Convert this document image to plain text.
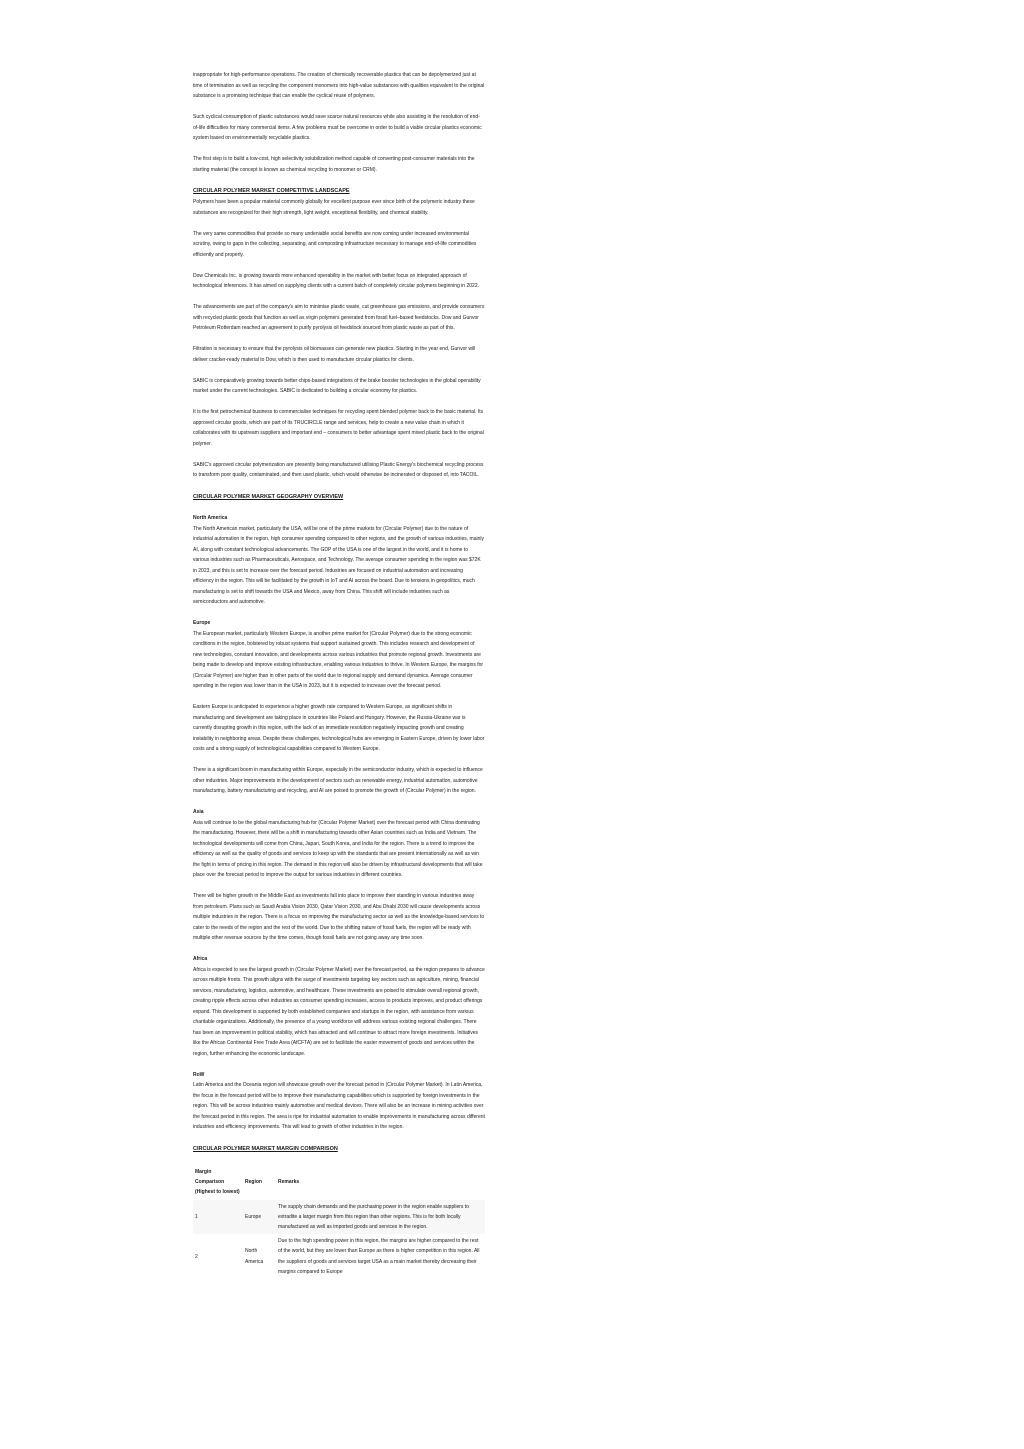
inappropriate for high-performance operations. The creation of chemically recoverable plastics that can be depolymerized just at time of termination as well as recycling the component monomers into high-value substances with qualities equivalent to the original substance is a promising technique that can enable the cyclical reuse of polymers.

Such cyclical consumption of plastic substances would save scarce natural resources while also assisting in the resolution of end-of-life difficulties for many commercial items. A few problems must be overcome in order to build a viable circular plastics economic system based on environmentally recyclable plastics.

The first step is to build a low-cost, high selectivity solubilization method capable of converting post-consumer materials into the starting material (the concept is known as chemical recycling to monomer or CRM).

CIRCULAR POLYMER MARKET COMPETITIVE LANDSCAPE

Polymers have been a popular material commonly globally for excellent purpose ever since birth of the polymeric industry these substances are recognized for their high strength, light weight, exceptional flexibility, and chemical stability.

The very same commodities that provide so many undeniable social benefits are now coming under increased environmental scrutiny, owing to gaps in the collecting, separating, and composting infrastructure necessary to manage end-of-life commodities efficiently and properly.

Dow Chemicals Inc. is growing towards more enhanced operability in the market with better focus on integrated approach of technological inferences. It has aimed on supplying clients with a current batch of completely circular polymers beginning in 2022.

The advancements are part of the company's aim to minimise plastic waste, cut greenhouse gas emissions, and provide consumers with recycled plastic goods that function as well as virgin polymers generated from fossil fuel–based feedstocks. Dow and Gunvor Petroleum Rotterdam reached an agreement to purify pyrolysis oil feedstock sourced from plastic waste as part of this.

Filtration is necessary to ensure that the pyrolysis oil biomasses can generate new plastics. Starting in the year end, Gunvor will deliver cracker-ready material to Dow, which is then used to manufacture circular plastics for clients.

SABIC is comparatively growing towards better chips-based integrations of the brake booster technologies in the global operability market under the current technologies. SABIC is dedicated to building a circular economy for plastics.

It is the first petrochemical business to commercialise techniques for recycling spent blended polymer back to the basic material. Its approved circular goods, which are part of its TRUCIRCLE range and services, help to create a new value chain in which it collaborates with its upstream suppliers and important end – consumers to better advantage spent mixed plastic back to the original polymer.

SABIC's approved circular polymerization are presently being manufactured utilising Plastic Energy's biochemical recycling process to transform poor quality, contaminated, and then used plastic, which would otherwise be incinerated or disposed of, into TACOIL.

CIRCULAR POLYMER MARKET GEOGRAPHY OVERVIEW
North America

The North American market, particularly the USA, will be one of the prime markets for (Circular Polymer) due to the nature of industrial automation in the region, high consumer spending compared to other regions, and the growth of various industries, mainly AI, along with constant technological advancements. The GDP of the USA is one of the largest in the world, and it is home to various industries such as Pharmaceuticals, Aerospace, and Technology. The average consumer spending in the region was $72K in 2023, and this is set to increase over the forecast period. Industries are focused on industrial automation and increasing efficiency in the region. This will be facilitated by the growth in IoT and AI across the board. Due to tensions in geopolitics, much manufacturing is set to shift towards the USA and Mexico, away from China. This shift will include industries such as semiconductors and automotive.

Europe

The European market, particularly Western Europe, is another prime market for (Circular Polymer) due to the strong economic conditions in the region, bolstered by robust systems that support sustained growth. This includes research and development of new technologies, constant innovation, and developments across various industries that promote regional growth. Investments are being made to develop and improve existing infrastructure, enabling various industries to thrive. In Western Europe, the margins for (Circular Polymer) are higher than in other parts of the world due to regional supply and demand dynamics. Average consumer spending in the region was lower than in the USA in 2023, but it is expected to increase over the forecast period.

Eastern Europe is anticipated to experience a higher growth rate compared to Western Europe, as significant shifts in manufacturing and development are taking place in countries like Poland and Hungary. However, the Russia-Ukraine war is currently disrupting growth in this region, with the lack of an immediate resolution negatively impacting growth and creating instability in neighboring areas. Despite these challenges, technological hubs are emerging in Eastern Europe, driven by lower labor costs and a strong supply of technological capabilities compared to Western Europe.

There is a significant boom in manufacturing within Europe, especially in the semiconductor industry, which is expected to influence other industries. Major improvements in the development of sectors such as renewable energy, industrial automation, automotive manufacturing, battery manufacturing and recycling, and AI are poised to promote the growth of (Circular Polymer) in the region.

Asia

Asia will continue to be the global manufacturing hub for (Circular Polymer Market) over the forecast period with China dominating the manufacturing. However, there will be a shift in manufacturing towards other Asian countries such as India and Vietnam. The technological developments will come from China, Japan, South Korea, and India for the region. There is a trend to improve the efficiency as well as the quality of goods and services to keep up with the standards that are present internationally as well as win the fight in terms of pricing in this region. The demand in this region will also be driven by infrastructural developments that will take place over the forecast period to improve the output for various industries in different countries.

There will be higher growth in the Middle East as investments fall into place to improve their standing in various industries away from petroleum. Plans such as Saudi Arabia Vision 2030, Qatar Vision 2030, and Abu Dhabi 2030 will cause developments across multiple industries in the region. There is a focus on improving the manufacturing sector as well as the knowledge-based services to cater to the needs of the region and the rest of the world. Due to the shifting nature of fossil fuels, the region will be ready with multiple other revenue sources by the time comes, though fossil fuels are not going away any time soon.

Africa

Africa is expected to see the largest growth in (Circular Polymer Market) over the forecast period, as the region prepares to advance across multiple fronts. This growth aligns with the surge of investments targeting key sectors such as agriculture, mining, financial services, manufacturing, logistics, automotive, and healthcare. These investments are poised to stimulate overall regional growth, creating ripple effects across other industries as consumer spending increases, access to products improves, and product offerings expand. This development is supported by both established companies and startups in the region, with assistance from various charitable organizations. Additionally, the presence of a young workforce will address various existing regional challenges. There has been an improvement in political stability, which has attracted and will continue to attract more foreign investments. Initiatives like the African Continental Free Trade Area (AfCFTA) are set to facilitate the easier movement of goods and services within the region, further enhancing the economic landscape.

RoW

Latin America and the Oceania region will showcase growth over the forecast period in (Circular Polymer Market). In Latin America, the focus in the forecast period will be to improve their manufacturing capabilities which is supported by foreign investments in the region. This will be across industries mainly automotive and medical devices. There will also be an increase in mining activities over the forecast period in this region. The area is ripe for industrial automation to enable improvements in manufacturing across different industries and efficiency improvements. This will lead to growth of other industries in the region.

CIRCULAR POLYMER MARKET MARGIN COMPARISON
Margin Comparison (Highest to lowest)	Region	Remarks
1	Europe	The supply chain demands and the purchasing power in the region enable suppliers to extradite a larger margin from this region than other regions. This is for both locally manufactured as well as imported goods and services in the region.
2	North America	Due to the high spending power in this region, the margins are higher compared to the rest of the world, but they are lower than Europe as there is higher competition in this region. All the suppliers of goods and services target USA as a main market thereby decreasing their margins compared to Europe
